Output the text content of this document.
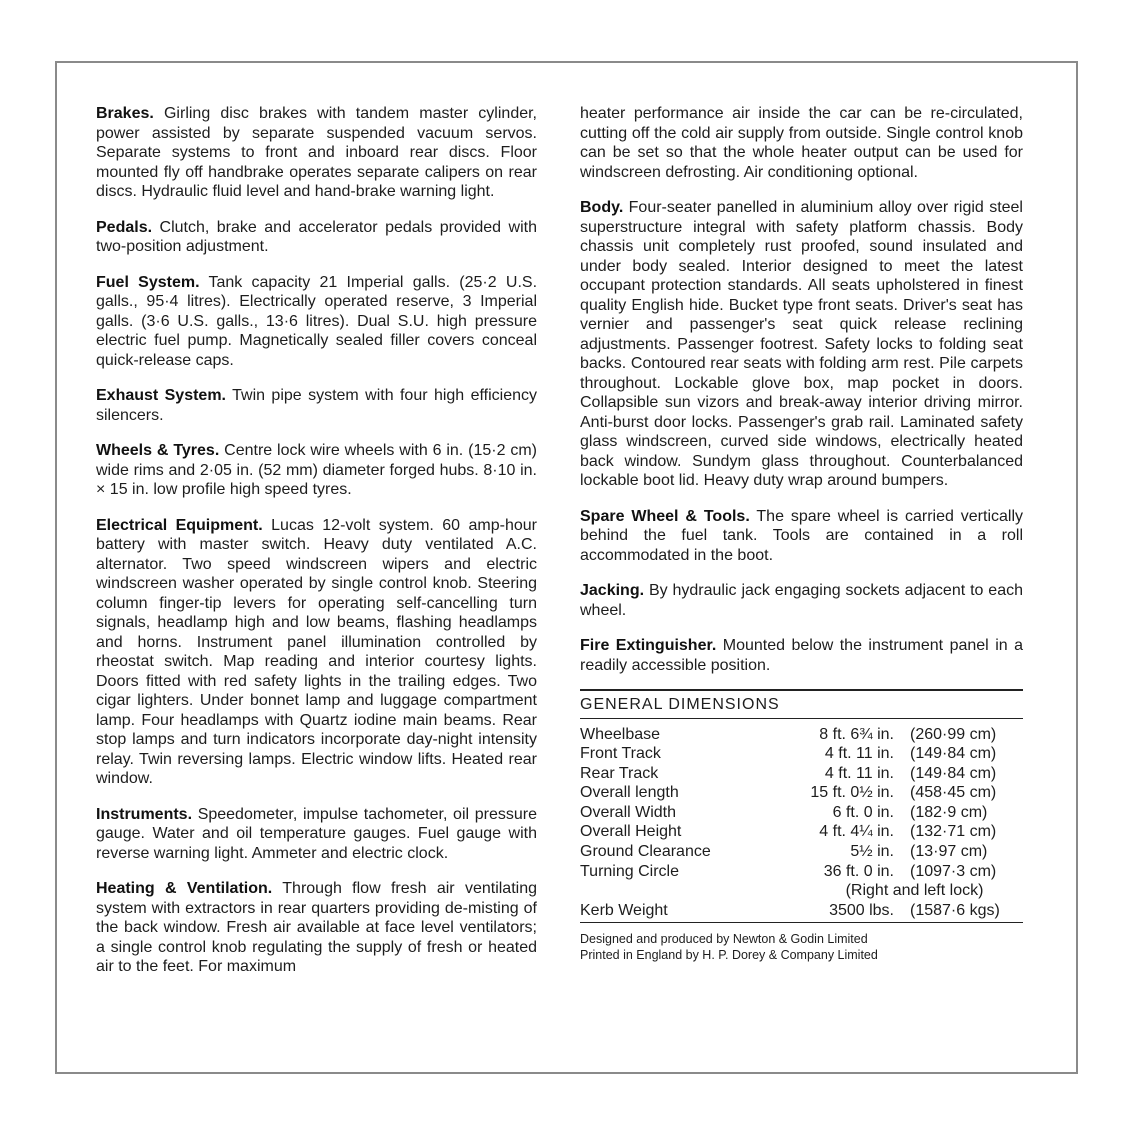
Brakes. Girling disc brakes with tandem master cylinder, power assisted by separate suspended vacuum servos. Separate systems to front and inboard rear discs. Floor mounted fly off handbrake operates separate calipers on rear discs. Hydraulic fluid level and hand-brake warning light.

Pedals. Clutch, brake and accelerator pedals provided with two-position adjustment.

Fuel System. Tank capacity 21 Imperial galls. (25·2 U.S. galls., 95·4 litres). Electrically operated reserve, 3 Imperial galls. (3·6 U.S. galls., 13·6 litres). Dual S.U. high pressure electric fuel pump. Magnetically sealed filler covers conceal quick-release caps.

Exhaust System. Twin pipe system with four high efficiency silencers.

Wheels & Tyres. Centre lock wire wheels with 6 in. (15·2 cm) wide rims and 2·05 in. (52 mm) diameter forged hubs. 8·10 in. × 15 in. low profile high speed tyres.

Electrical Equipment. Lucas 12-volt system. 60 amp-hour battery with master switch. Heavy duty ventilated A.C. alternator. Two speed windscreen wipers and electric windscreen washer operated by single control knob. Steering column finger-tip levers for operating self-cancelling turn signals, headlamp high and low beams, flashing headlamps and horns. Instrument panel illumination controlled by rheostat switch. Map reading and interior courtesy lights. Doors fitted with red safety lights in the trailing edges. Two cigar lighters. Under bonnet lamp and luggage compartment lamp. Four headlamps with Quartz iodine main beams. Rear stop lamps and turn indicators incorporate day-night intensity relay. Twin reversing lamps. Electric window lifts. Heated rear window.

Instruments. Speedometer, impulse tachometer, oil pressure gauge. Water and oil temperature gauges. Fuel gauge with reverse warning light. Ammeter and electric clock.

Heating & Ventilation. Through flow fresh air ventilating system with extractors in rear quarters providing de-misting of the back window. Fresh air available at face level ventilators; a single control knob regulating the supply of fresh or heated air to the feet. For maximum

heater performance air inside the car can be re-circulated, cutting off the cold air supply from outside. Single control knob can be set so that the whole heater output can be used for windscreen defrosting. Air conditioning optional.

Body. Four-seater panelled in aluminium alloy over rigid steel superstructure integral with safety platform chassis. Body chassis unit completely rust proofed, sound insulated and under body sealed. Interior designed to meet the latest occupant protection standards. All seats upholstered in finest quality English hide. Bucket type front seats. Driver's seat has vernier and passenger's seat quick release reclining adjustments. Passenger footrest. Safety locks to folding seat backs. Contoured rear seats with folding arm rest. Pile carpets throughout. Lockable glove box, map pocket in doors. Collapsible sun vizors and break-away interior driving mirror. Anti-burst door locks. Passenger's grab rail. Laminated safety glass windscreen, curved side windows, electrically heated back window. Sundym glass throughout. Counterbalanced lockable boot lid. Heavy duty wrap around bumpers.

Spare Wheel & Tools. The spare wheel is carried vertically behind the fuel tank. Tools are contained in a roll accommodated in the boot.

Jacking. By hydraulic jack engaging sockets adjacent to each wheel.

Fire Extinguisher. Mounted below the instrument panel in a readily accessible position.

GENERAL DIMENSIONS
Wheelbase	8 ft. 6¾ in.	(260·99 cm)
Front Track	4 ft. 11 in.	(149·84 cm)
Rear Track	4 ft. 11 in.	(149·84 cm)
Overall length	15 ft. 0½ in.	(458·45 cm)
Overall Width	6 ft. 0 in.	(182·9 cm)
Overall Height	4 ft. 4¼ in.	(132·71 cm)
Ground Clearance	5½ in.	(13·97 cm)
Turning Circle	36 ft. 0 in.	(1097·3 cm)
	(Right and left lock)	
Kerb Weight	3500 lbs.	(1587·6 kgs)
Designed and produced by Newton & Godin Limited
Printed in England by H. P. Dorey & Company Limited
